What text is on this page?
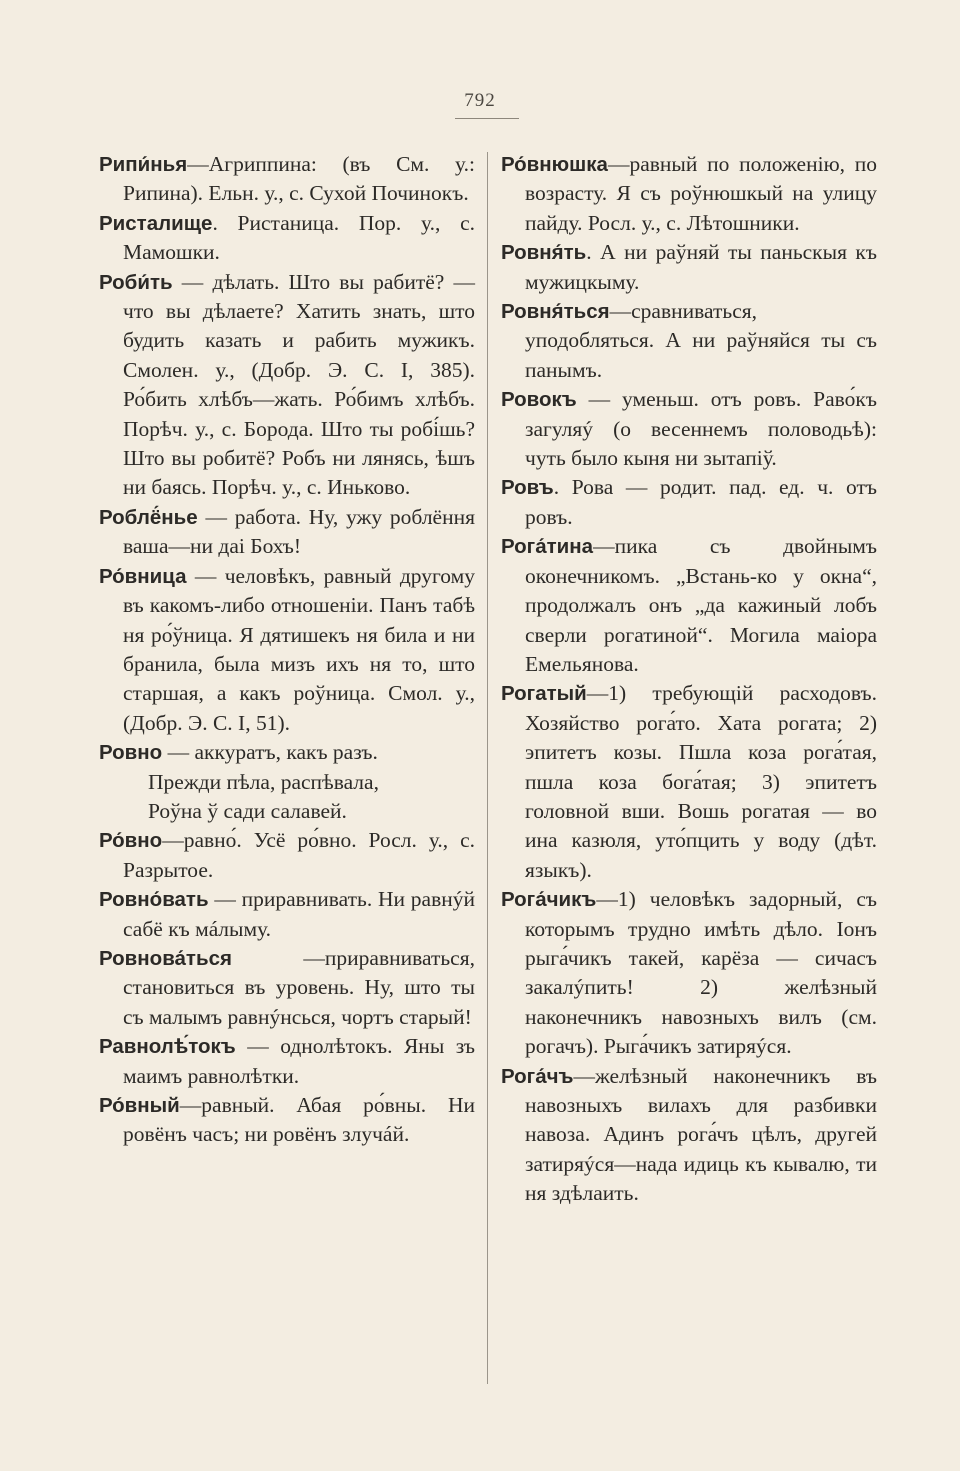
792

Рипи́нья—Агриппина: (въ См. у.: Рипина). Ельн. у., с. Сухой Починокъ.

Ристалище. Ристаница. Пор. у., с. Мамошки.

Роби́ть — дѣлать. Што вы рабитё? — что вы дѣлаете? Хатить знать, што будить казать и рабить мужикъ. Смолен. у., (Добр. Э. С. I, 385). Ро́бить хлѣбъ—жать. Ро́бимъ хлѣбъ. Порѣч. у., с. Борода. Што ты робі́шь? Што вы робитё? Робъ ни лянясь, ѣшъ ни баясь. Порѣч. у., с. Иньково.

Роблё́нье — работа. Ну, ужу роблёння ваша—ни даі Бохъ!

Ро́вница — человѣкъ, равный другому въ какомъ-либо отношеніи. Панъ табѣ ня ро́ўница. Я дятишекъ ня била и ни бранила, была мизъ ихъ ня то, што старшая, а какъ роўница. Смол. у., (Добр. Э. С. I, 51).

Ровно — аккуратъ, какъ разъ.

Прежди пѣла, распѣвала,

Роўна ў сади салавей.

Ро́вно—равно́. Усё ро́вно. Росл. у., с. Разрытое.

Ровно́вать — приравнивать. Ни равнýй сабё къ мáлыму.

Ровнова́ться —приравниваться, становиться въ уровень. Ну, што ты съ малымъ равнýнсься, чортъ старый!

Равнолѣ́токъ — однолѣтокъ. Яны зъ маимъ равнолѣтки.

Ро́вный—равный. Абая ро́вны. Ни ровёнъ часъ; ни ровёнъ злучáй.

Ро́внюшка—равный по положенію, по возрасту. Я съ роўнюшкый на улицу пайду. Росл. у., с. Лѣтошники.

Ровня́ть. А ни раўняй ты паньскыя къ мужицкыму.

Ровня́ться—сравниваться, уподобляться. А ни раўняйся ты съ панымъ.

Ровокъ — уменьш. отъ ровъ. Раво́къ загуляý (о весеннемъ половодьѣ): чуть было кыня ни зытапіў.

Ровъ. Рова — родит. пад. ед. ч. отъ ровъ.

Рога́тина—пика съ двойнымъ оконечникомъ. „Встань-ко у окна“, продолжалъ онъ „да кажиный лобъ сверли рогатиной“. Могила маіора Емельянова.

Рогатый—1) требующій расходовъ. Хозяйство рога́то. Хата рогата; 2) эпитетъ козы. Пшла коза рога́тая, пшла коза бога́тая; 3) эпитетъ головной вши. Вошь рогатая — во ина казюля, уто́пцить у воду (дѣт. языкъ).

Рога́чикъ—1) человѣкъ задорный, съ которымъ трудно имѣть дѣло. Іонъ рыга́чикъ такей, карёза — сичасъ закалýпить! 2) желѣзный наконечникъ навозныхъ вилъ (см. рогачъ). Рыга́чикъ затиряýся.

Рога́чъ—желѣзный наконечникъ въ навозныхъ вилахъ для разбивки навоза. Адинъ рога́чъ цѣлъ, другей затиряýся—нада идиць къ кывалю, ти ня здѣлаить.
